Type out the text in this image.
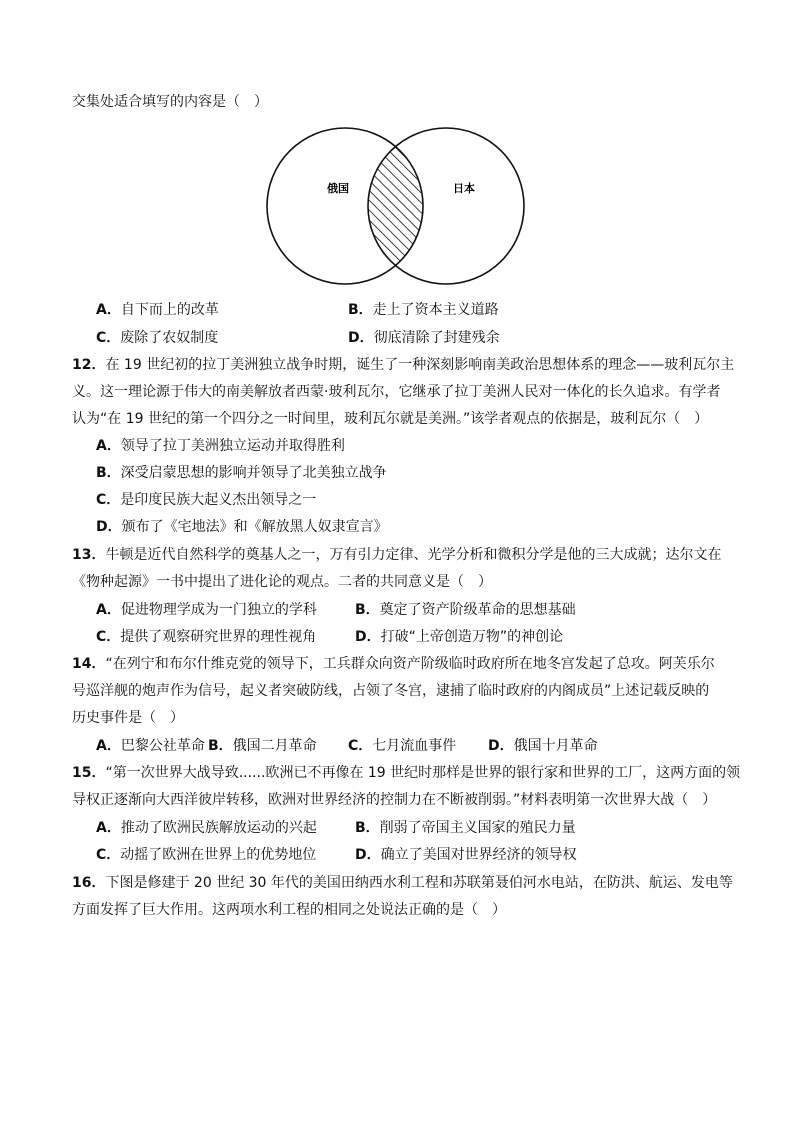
交集处适合填写的内容是（　）
俄国	日本
A．自下而上的改革	B．走上了资本主义道路
C．废除了农奴制度	D．彻底清除了封建残余
12．在 19 世纪初的拉丁美洲独立战争时期，诞生了一种深刻影响南美政治思想体系的理念——玻利瓦尔主
义。这一理论源于伟大的南美解放者西蒙·玻利瓦尔，它继承了拉丁美洲人民对一体化的长久追求。有学者
认为“在 19 世纪的第一个四分之一时间里，玻利瓦尔就是美洲。”该学者观点的依据是，玻利瓦尔（　）
A．领导了拉丁美洲独立运动并取得胜利
B．深受启蒙思想的影响并领导了北美独立战争
C．是印度民族大起义杰出领导之一
D．颁布了《宅地法》和《解放黑人奴隶宣言》
13．牛顿是近代自然科学的奠基人之一，万有引力定律、光学分析和微积分学是他的三大成就；达尔文在
《物种起源》一书中提出了进化论的观点。二者的共同意义是（　）
A．促进物理学成为一门独立的学科	B．奠定了资产阶级革命的思想基础
C．提供了观察研究世界的理性视角	D．打破“上帝创造万物”的神创论
14．“在列宁和布尔什维克党的领导下，工兵群众向资产阶级临时政府所在地冬宫发起了总攻。阿芙乐尔
号巡洋舰的炮声作为信号，起义者突破防线，占领了冬宫，逮捕了临时政府的内阁成员”上述记载反映的
历史事件是（　）
A．巴黎公社革命 B．俄国二月革命 C．七月流血事件 D．俄国十月革命
15．“第一次世界大战导致......欧洲已不再像在 19 世纪时那样是世界的银行家和世界的工厂，这两方面的领
导权正逐渐向大西洋彼岸转移，欧洲对世界经济的控制力在不断被削弱。”材料表明第一次世界大战（　）
A．推动了欧洲民族解放运动的兴起	B．削弱了帝国主义国家的殖民力量
C．动摇了欧洲在世界上的优势地位	D．确立了美国对世界经济的领导权
16．下图是修建于 20 世纪 30 年代的美国田纳西水利工程和苏联第聂伯河水电站，在防洪、航运、发电等
方面发挥了巨大作用。这两项水利工程的相同之处说法正确的是（　）
